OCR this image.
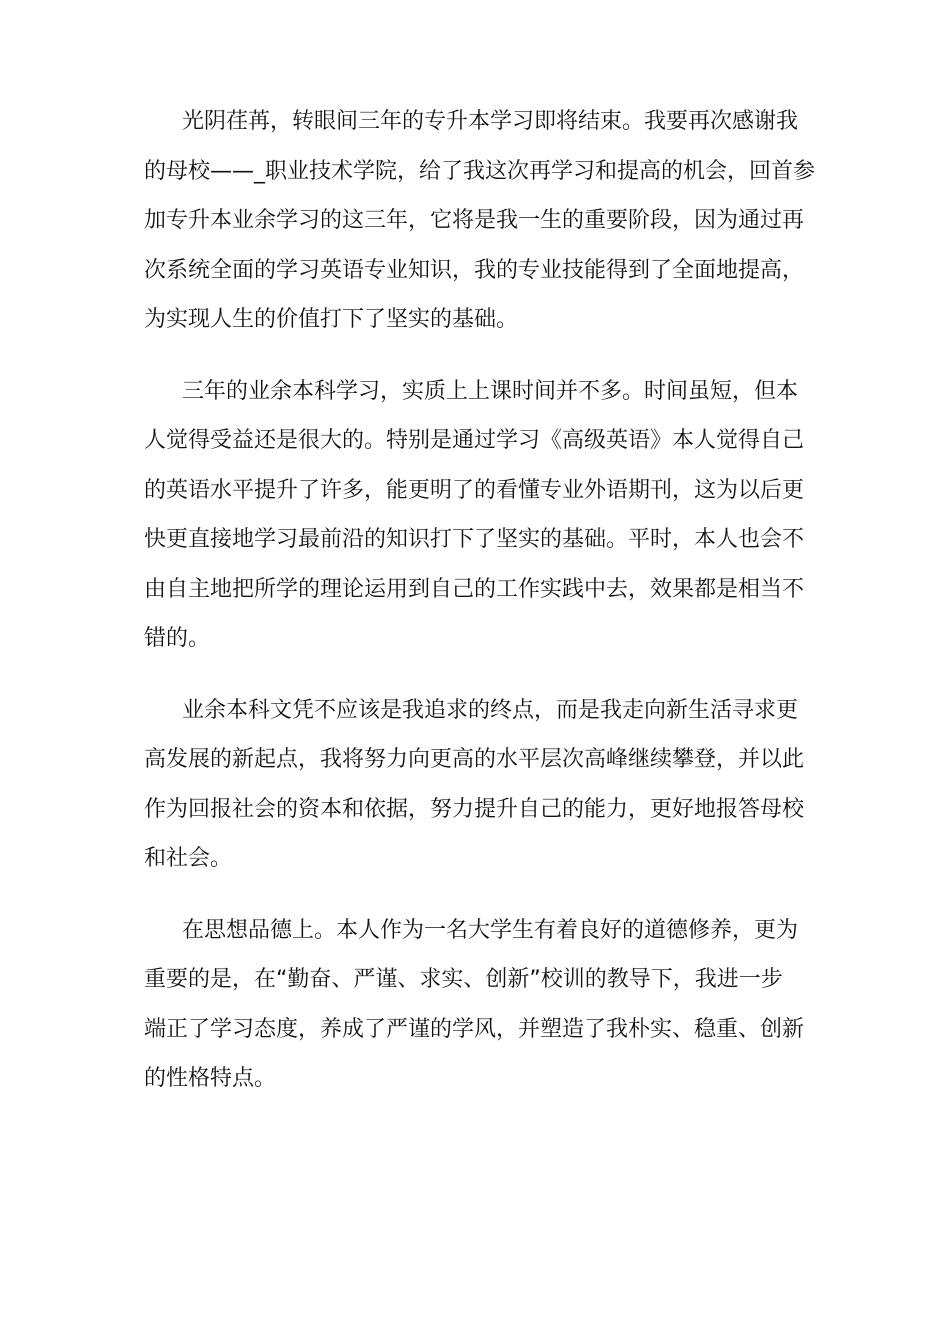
光阴荏苒，转眼间三年的专升本学习即将结束。我要再次感谢我
的母校——_职业技术学院，给了我这次再学习和提高的机会，回首参
加专升本业余学习的这三年，它将是我一生的重要阶段，因为通过再
次系统全面的学习英语专业知识，我的专业技能得到了全面地提高，
为实现人生的价值打下了坚实的基础。

三年的业余本科学习，实质上上课时间并不多。时间虽短，但本
人觉得受益还是很大的。特别是通过学习《高级英语》本人觉得自己
的英语水平提升了许多，能更明了的看懂专业外语期刊，这为以后更
快更直接地学习最前沿的知识打下了坚实的基础。平时，本人也会不
由自主地把所学的理论运用到自己的工作实践中去，效果都是相当不
错的。

业余本科文凭不应该是我追求的终点，而是我走向新生活寻求更
高发展的新起点，我将努力向更高的水平层次高峰继续攀登，并以此
作为回报社会的资本和依据，努力提升自己的能力，更好地报答母校
和社会。

在思想品德上。本人作为一名大学生有着良好的道德修养，更为
重要的是，在“勤奋、严谨、求实、创新”校训的教导下，我进一步
端正了学习态度，养成了严谨的学风，并塑造了我朴实、稳重、创新
的性格特点。
